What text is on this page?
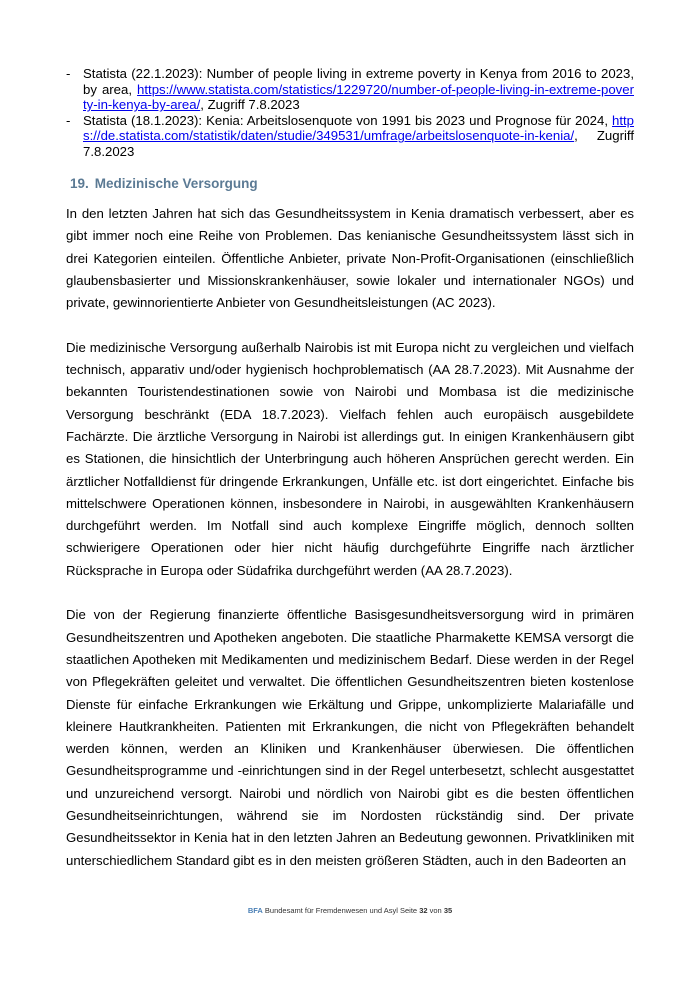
- Statista (22.1.2023): Number of people living in extreme poverty in Kenya from 2016 to 2023, by area, https://www.statista.com/statistics/1229720/number-of-people-living-in-extreme-poverty-in-kenya-by-area/, Zugriff 7.8.2023
- Statista (18.1.2023): Kenia: Arbeitslosenquote von 1991 bis 2023 und Prognose für 2024, https://de.statista.com/statistik/daten/studie/349531/umfrage/arbeitslosenquote-in-kenia/, Zugriff 7.8.2023
19. Medizinische Versorgung

In den letzten Jahren hat sich das Gesundheitssystem in Kenia dramatisch verbessert, aber es gibt immer noch eine Reihe von Problemen. Das kenianische Gesundheitssystem lässt sich in drei Kategorien einteilen. Öffentliche Anbieter, private Non-Profit-Organisationen (einschließlich glaubensbasierter und Missionskrankenhäuser, sowie lokaler und internationaler NGOs) und private, gewinnorientierte Anbieter von Gesundheitsleistungen (AC 2023).

Die medizinische Versorgung außerhalb Nairobis ist mit Europa nicht zu vergleichen und vielfach technisch, apparativ und/oder hygienisch hochproblematisch (AA 28.7.2023). Mit Ausnahme der bekannten Touristendestinationen sowie von Nairobi und Mombasa ist die medizinische Versorgung beschränkt (EDA 18.7.2023). Vielfach fehlen auch europäisch ausgebildete Fachärzte. Die ärztliche Versorgung in Nairobi ist allerdings gut. In einigen Krankenhäusern gibt es Stationen, die hinsichtlich der Unterbringung auch höheren Ansprüchen gerecht werden. Ein ärztlicher Notfalldienst für dringende Erkrankungen, Unfälle etc. ist dort eingerichtet. Einfache bis mittelschwere Operationen können, insbesondere in Nairobi, in ausgewählten Krankenhäusern durchgeführt werden. Im Notfall sind auch komplexe Eingriffe möglich, dennoch sollten schwierigere Operationen oder hier nicht häufig durchgeführte Eingriffe nach ärztlicher Rücksprache in Europa oder Südafrika durchgeführt werden (AA 28.7.2023).

Die von der Regierung finanzierte öffentliche Basisgesundheitsversorgung wird in primären Gesundheitszentren und Apotheken angeboten. Die staatliche Pharmakette KEMSA versorgt die staatlichen Apotheken mit Medikamenten und medizinischem Bedarf. Diese werden in der Regel von Pflegekräften geleitet und verwaltet. Die öffentlichen Gesundheitszentren bieten kostenlose Dienste für einfache Erkrankungen wie Erkältung und Grippe, unkomplizierte Malariafälle und kleinere Hautkrankheiten. Patienten mit Erkrankungen, die nicht von Pflegekräften behandelt werden können, werden an Kliniken und Krankenhäuser überwiesen. Die öffentlichen Gesundheitsprogramme und -einrichtungen sind in der Regel unterbesetzt, schlecht ausgestattet und unzureichend versorgt. Nairobi und nördlich von Nairobi gibt es die besten öffentlichen Gesundheitseinrichtungen, während sie im Nordosten rückständig sind. Der private Gesundheitssektor in Kenia hat in den letzten Jahren an Bedeutung gewonnen. Privatkliniken mit unterschiedlichem Standard gibt es in den meisten größeren Städten, auch in den Badeorten an

BFA Bundesamt für Fremdenwesen und Asyl Seite 32 von 35
